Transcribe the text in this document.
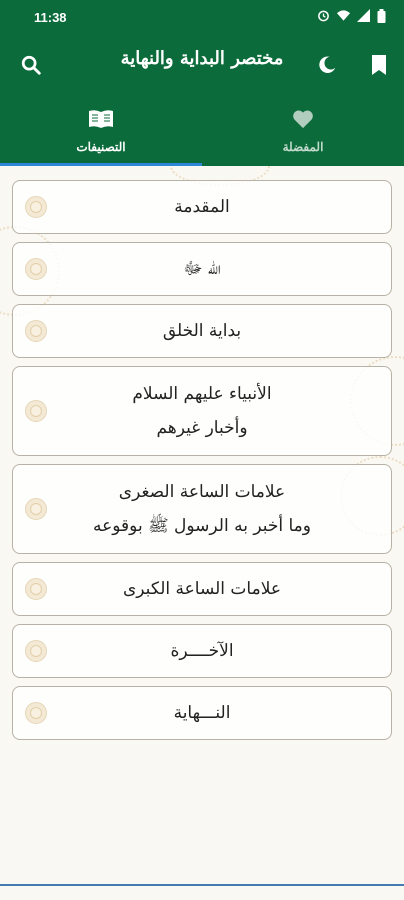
11:38
مختصر البداية والنهاية
التصنيفات	المفضلة
المقدمة
الله ﷻ
بداية الخلق
الأنبياء عليهم السلام
وأخبار غيرهم
علامات الساعة الصغرى
وما أخبر به الرسول ﷺ بوقوعه
علامات الساعة الكبرى
الآخــــرة
النـــهاية
